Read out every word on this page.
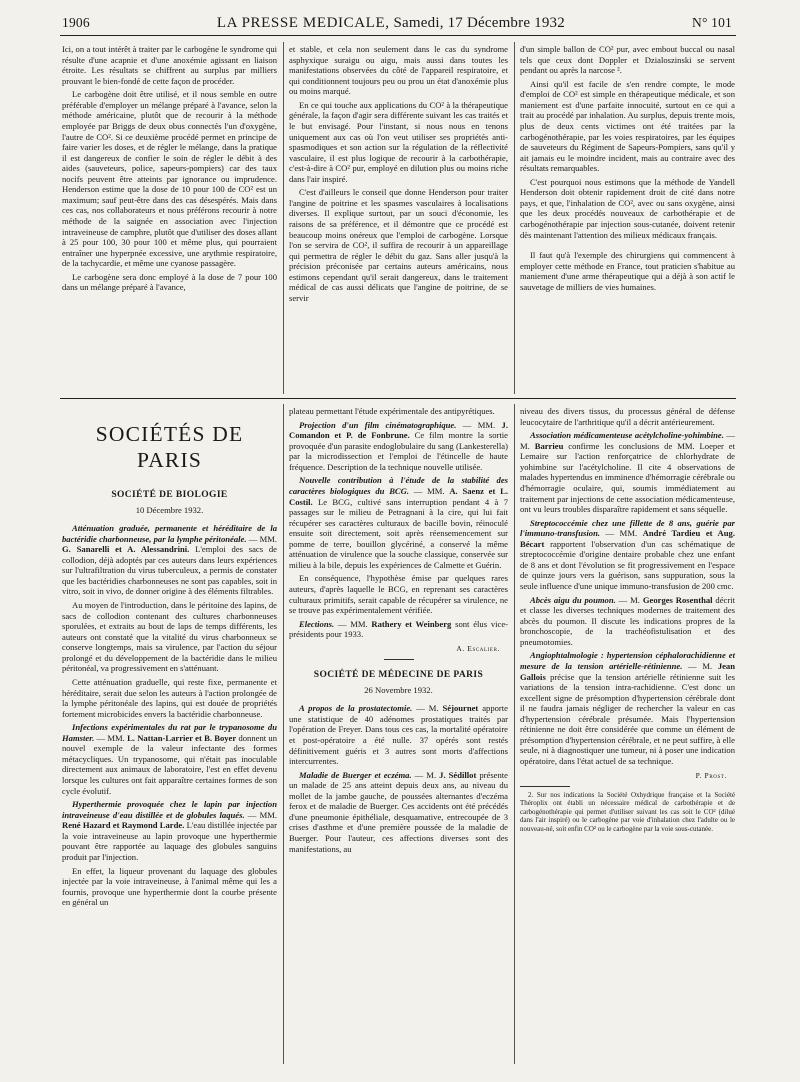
1906	LA PRESSE MEDICALE, Samedi, 17 Décembre 1932	N° 101

Ici, on a tout intérêt à traiter par le carbogène le syndrome qui résulte d'une acapnie et d'une anoxémie agissant en liaison étroite. Les résultats se chiffrent au surplus par milliers prouvant le bien-fondé de cette façon de procéder.

Le carbogène doit être utilisé, et il nous semble en outre préférable d'employer un mélange préparé à l'avance, selon la méthode américaine, plutôt que de recourir à la méthode employée par Briggs de deux obus connectés l'un d'oxygène, l'autre de CO². Si ce deuxième procédé permet en principe de faire varier les doses, et de régler le mélange, dans la pratique il est dangereux de confier le soin de régler le débit à des aides (sauveteurs, police, sapeurs-pompiers) car des taux nocifs peuvent être atteints par ignorance ou imprudence. Henderson estime que la dose de 10 pour 100 de CO² est un maximum; sauf peut-être dans des cas désespérés. Mais dans ces cas, nos collaborateurs et nous préférons recourir à notre méthode de la saignée en association avec l'injection intraveineuse de camphre, plutôt que d'utiliser des doses allant à 25 pour 100, 30 pour 100 et même plus, qui pourraient entraîner une hyperpnée excessive, une arythmie respiratoire, de la tachycardie, et même une cyanose passagère.

Le carbogène sera donc employé à la dose de 7 pour 100 dans un mélange préparé à l'avance,

et stable, et cela non seulement dans le cas du syndrome asphyxique suraigu ou aigu, mais aussi dans toutes les manifestations observées du côté de l'appareil respiratoire, et qui conditionnent toujours peu ou prou un état d'anoxémie plus ou moins marqué.

En ce qui touche aux applications du CO² à la thérapeutique générale, la façon d'agir sera différente suivant les cas traités et le but envisagé. Pour l'instant, si nous nous en tenons uniquement aux cas où l'on veut utiliser ses propriétés anti-spasmodiques et son action sur la régulation de la réflectivité vasculaire, il est plus logique de recourir à la carbothérapie, c'est-à-dire à CO² pur, employé en dilution plus ou moins riche dans l'air inspiré.

C'est d'ailleurs le conseil que donne Henderson pour traiter l'angine de poitrine et les spasmes vasculaires à localisations diverses. Il explique surtout, par un souci d'économie, les raisons de sa préférence, et il démontre que ce procédé est beaucoup moins onéreux que l'emploi de carbogène. Lorsque l'on se servira de CO², il suffira de recourir à un appareillage qui permettra de régler le débit du gaz. Sans aller jusqu'à la précision préconisée par certains auteurs américains, nous estimons cependant qu'il serait dangereux, dans le traitement médical de cas aussi délicats que l'angine de poitrine, de se servir

d'un simple ballon de CO² pur, avec embout buccal ou nasal tels que ceux dont Doppler et Dzialoszinski se servent pendant ou après la narcose ².

Ainsi qu'il est facile de s'en rendre compte, le mode d'emploi de CO² est simple en thérapeutique médicale, et son maniement est d'une parfaite innocuité, surtout en ce qui a trait au procédé par inhalation. Au surplus, depuis trente mois, plus de deux cents victimes ont été traitées par la carbogénothérapie, par les voies respiratoires, par les équipes de sauveteurs du Régiment de Sapeurs-Pompiers, sans qu'il y ait jamais eu le moindre incident, mais au contraire avec des résultats remarquables.

C'est pourquoi nous estimons que la méthode de Yandell Henderson doit obtenir rapidement droit de cité dans notre pays, et que, l'inhalation de CO², avec ou sans oxygène, ainsi que les deux procédés nouveaux de carbothérapie et de carbogénothérapie par injection sous-cutanée, doivent retenir dès maintenant l'attention des milieux médicaux français.

Il faut qu'à l'exemple des chirurgiens qui commencent à employer cette méthode en France, tout praticien s'habitue au maniement d'une arme thérapeutique qui a déjà à son actif le sauvetage de milliers de vies humaines.

SOCIÉTÉS DE PARIS
SOCIÉTÉ DE BIOLOGIE
10 Décembre 1932.

Atténuation graduée, permanente et héréditaire de la bactéridie charbonneuse, par la lymphe péritonéale. — MM. G. Sanarelli et A. Alessandrini. L'emploi des sacs de collodion, déjà adoptés par ces auteurs dans leurs expériences sur l'ultrafiltration du virus tuberculeux, a permis de constater que les bactéridies charbonneuses ne sont pas capables, soit in vitro, soit in vivo, de donner origine à des éléments filtrables.

Au moyen de l'introduction, dans le péritoine des lapins, de sacs de collodion contenant des cultures charbonneuses sporulées, et extraits au bout de laps de temps différents, les auteurs ont constaté que la vitalité du virus charbonneux se conserve longtemps, mais sa virulence, par l'action du séjour prolongé et du développement de la bactéridie dans le milieu péritonéal, va progressivement en s'atténuant.

Cette atténuation graduelle, qui reste fixe, permanente et héréditaire, serait due selon les auteurs à l'action prolongée de la lymphe péritonéale des lapins, qui est douée de propriétés fortement microbicides envers la bactéridie charbonneuse.

Infections expérimentales du rat par le trypanosome du Hamster. — MM. L. Nattan-Larrier et B. Boyer donnent un nouvel exemple de la valeur infectante des formes métacycliques. Un trypanosome, qui n'était pas inoculable directement aux animaux de laboratoire, l'est en effet devenu lorsque les cultures ont fait apparaître certaines formes de son cycle évolutif.

Hyperthermie provoquée chez le lapin par injection intraveineuse d'eau distillée et de globules laqués. — MM. René Hazard et Raymond Larde. L'eau distillée injectée par la voie intraveineuse au lapin provoque une hyperthermie pouvant être rapportée au laquage des globules sanguins produit par l'injection.

En effet, la liqueur provenant du laquage des globules injectée par la voie intraveineuse, à l'animal même qui les a fournis, provoque une hyperthermie dont la courbe présente en général un

plateau permettant l'étude expérimentale des antipyrétiques.

Projection d'un film cinématographique. — MM. J. Comandon et P. de Fonbrune. Ce film montre la sortie provoquée d'un parasite endoglobulaire du sang (Lankesterella) par la microdissection et l'emploi de l'étincelle de haute fréquence. Description de la technique nouvelle utilisée.

Nouvelle contribution à l'étude de la stabilité des caractères biologiques du BCG. — MM. A. Saenz et L. Costil. Le BCG, cultivé sans interruption pendant 4 à 7 passages sur le milieu de Petragnani à la cire, qui lui fait récupérer ses caractères culturaux de bacille bovin, réinoculé ensuite soit directement, soit après réensemencement sur pomme de terre, bouillon glycériné, a conservé la même atténuation de virulence que la souche classique, conservée sur milieu à la bile, depuis les expériences de Calmette et Guérin.

En conséquence, l'hypothèse émise par quelques rares auteurs, d'après laquelle le BCG, en reprenant ses caractères culturaux primitifs, serait capable de récupérer sa virulence, ne se trouve pas expérimentalement vérifiée.

Elections. — MM. Rathery et Weinberg sont élus vice-présidents pour 1933.

A. Escalier.
SOCIÉTÉ DE MÉDECINE DE PARIS
26 Novembre 1932.

A propos de la prostatectomie. — M. Séjournet apporte une statistique de 40 adénomes prostatiques traités par l'opération de Freyer. Dans tous ces cas, la mortalité opératoire et post-opératoire a été nulle. 37 opérés sont restés définitivement guéris et 3 autres sont morts d'affections intercurrentes.

Maladie de Buerger et eczéma. — M. J. Sédillot présente un malade de 25 ans atteint depuis deux ans, au niveau du mollet de la jambe gauche, de poussées alternantes d'eczéma ferox et de maladie de Buerger. Ces accidents ont été précédés d'une pneumonie épithéliale, desquamative, entrecoupée de 3 crises d'asthme et d'une première poussée de la maladie de Buerger. Pour l'auteur, ces affections diverses sont des manifestations, au

niveau des divers tissus, du processus général de défense leucocytaire de l'arthritique qu'il a décrit antérieurement.

Association médicamenteuse acétylcholine-yohimbine. — M. Barrieu confirme les conclusions de MM. Loeper et Lemaire sur l'action renforçatrice de chlorhydrate de yohimbine sur l'acétylcholine. Il cite 4 observations de malades hypertendus en imminence d'hémorragie cérébrale ou d'hémorragie oculaire, qui, soumis immédiatement au traitement par injections de cette association médicamenteuse, ont vu leurs troubles disparaître rapidement et sans séquelle.

Streptococcémie chez une fillette de 8 ans, guérie par l'immuno-transfusion. — MM. André Tardieu et Aug. Bécart rapportent l'observation d'un cas schématique de streptococcémie d'origine dentaire probable chez une enfant de 8 ans et dont l'évolution se fit progressivement en l'espace de quinze jours vers la guérison, sans suppuration, sous la seule influence d'une unique immuno-transfusion de 200 cmc.

Abcès aigu du poumon. — M. Georges Rosenthal décrit et classe les diverses techniques modernes de traitement des abcès du poumon. Il discute les indications propres de la bronchoscopie, de la trachéofistulisation et des pneumotomies.

Angiophtalmologie : hypertension céphalorachidienne et mesure de la tension artérielle-rétinienne. — M. Jean Gallois précise que la tension artérielle rétinienne suit les variations de la tension intra-rachidienne. C'est donc un excellent signe de présomption d'hypertension cérébrale dont il ne faudra jamais négliger de rechercher la valeur en cas d'hypertension cérébrale présumée. Mais l'hypertension rétinienne ne doit être considérée que comme un élément de présomption d'hypertension cérébrale, et ne peut suffire, à elle seule, ni à diagnostiquer une tumeur, ni à poser une indication opératoire, dans l'état actuel de sa technique.

P. Prost.
2. Sur nos indications la Société Oxhydrique française et la Société Théroplix ont établi un nécessaire médical de carbothérapie et de carbogénothérapie qui permet d'utiliser suivant les cas soit le CO² (dilué dans l'air inspiré) ou le carbogène par voie d'inhalation chez l'adulte ou le nouveau-né, soit enfin CO² ou le carbogène par la voie sous-cutanée.
